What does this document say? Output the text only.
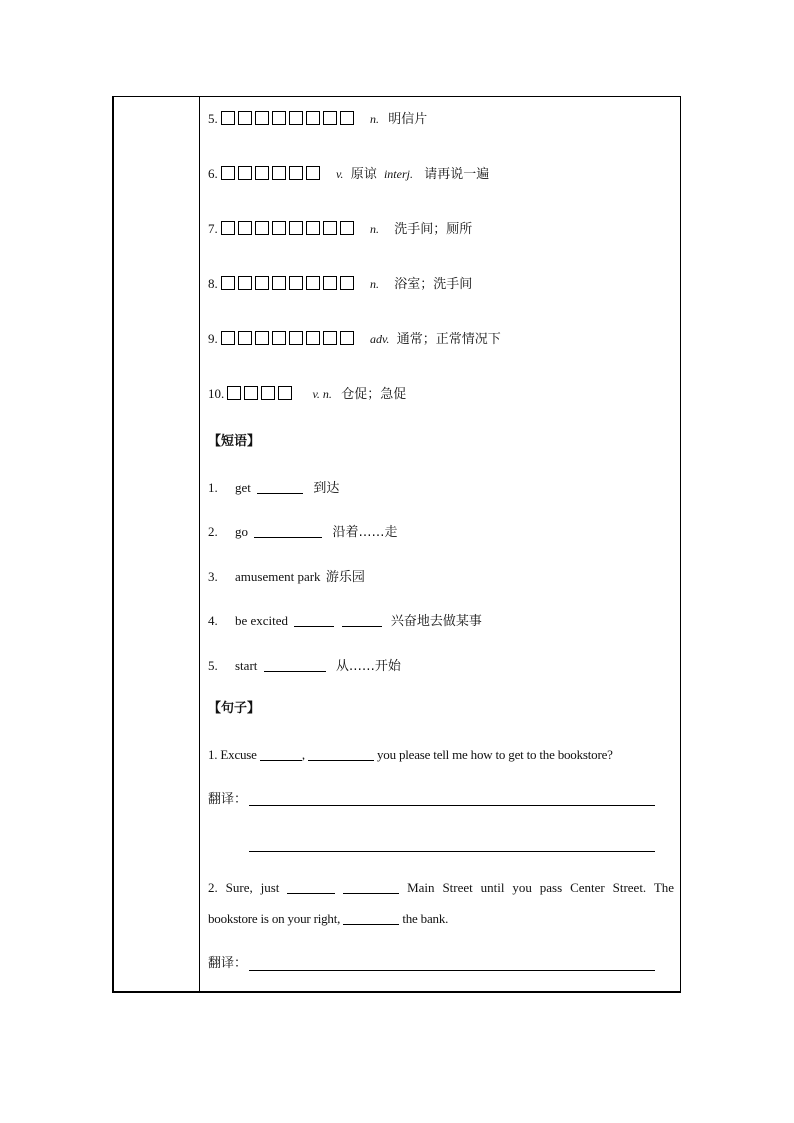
5.	n. 明信片
6.	v. 原谅 interj. 请再说一遍
7.	n. 洗手间；厕所
8.	n. 浴室；洗手间
9.	adv. 通常；正常情况下
10.	v. n. 仓促；急促
【短语】
1. get	到达
2. go	沿着……走
3. amusement park 游乐园
4. be excited	兴奋地去做某事
5. start	从……开始
【句子】
1. Excuse	,	you please tell me how to get to the bookstore?
翻译：
2. Sure, just	Main Street until you pass Center Street. The
bookstore is on your right,	the bank.
翻译：
